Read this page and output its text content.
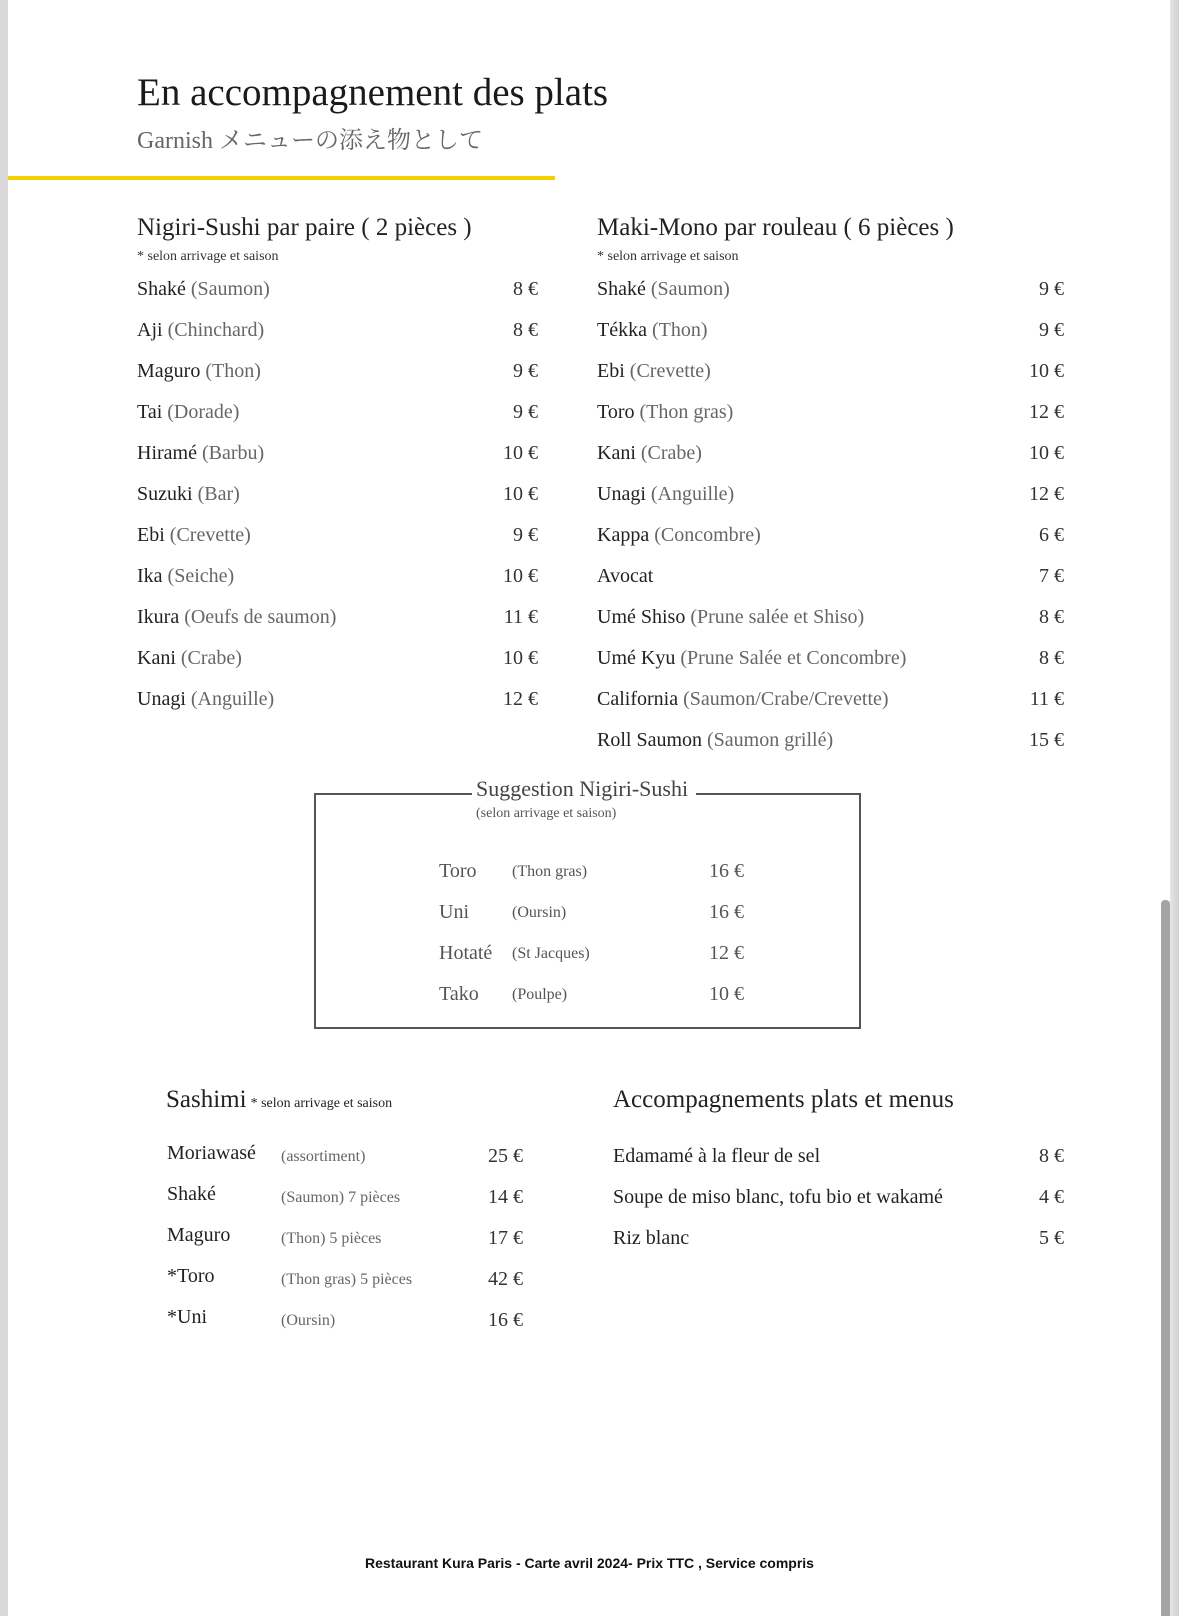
En accompagnement des plats
Garnish メニューの添え物として
Nigiri-Sushi par paire ( 2 pièces )
* selon arrivage et saison
Maki-Mono par rouleau ( 6 pièces )
* selon arrivage et saison
Suggestion Nigiri-Sushi
(selon arrivage et saison)
Sashimi * selon arrivage et saison	Accompagnements plats et menus
Restaurant Kura Paris - Carte avril 2024- Prix TTC , Service compris
Shaké (Saumon)	8 €
Aji (Chinchard)	8 €
Maguro (Thon)	9 €
Tai (Dorade)	9 €
Hiramé (Barbu)	10 €
Suzuki (Bar)	10 €
Ebi (Crevette)	9 €
Ika (Seiche)	10 €
Ikura (Oeufs de saumon)	11 €
Kani (Crabe)	10 €
Unagi (Anguille)	12 €
Shaké (Saumon)	9 €
Tékka (Thon)	9 €
Ebi (Crevette)	10 €
Toro (Thon gras)	12 €
Kani (Crabe)	10 €
Unagi (Anguille)	12 €
Kappa (Concombre)	6 €
Avocat	7 €
Umé Shiso (Prune salée et Shiso)	8 €
Umé Kyu (Prune Salée et Concombre)	8 €
California (Saumon/Crabe/Crevette)	11 €
Roll Saumon (Saumon grillé)	15 €
Edamamé à la fleur de sel	8 €
Soupe de miso blanc, tofu bio et wakamé	4 €
Riz blanc	5 €
Toro (Thon gras)	16 €
Uni	(Oursin)	16 €
Hotaté (St Jacques)	12 €
Tako (Poulpe)	10 €
Moriawasé (assortiment)	25 €
Shaké	(Saumon) 7 pièces	14 €
Maguro	(Thon) 5 pièces	17 €
*Toro	(Thon gras) 5 pièces	42 €
*Uni	(Oursin)	16 €
